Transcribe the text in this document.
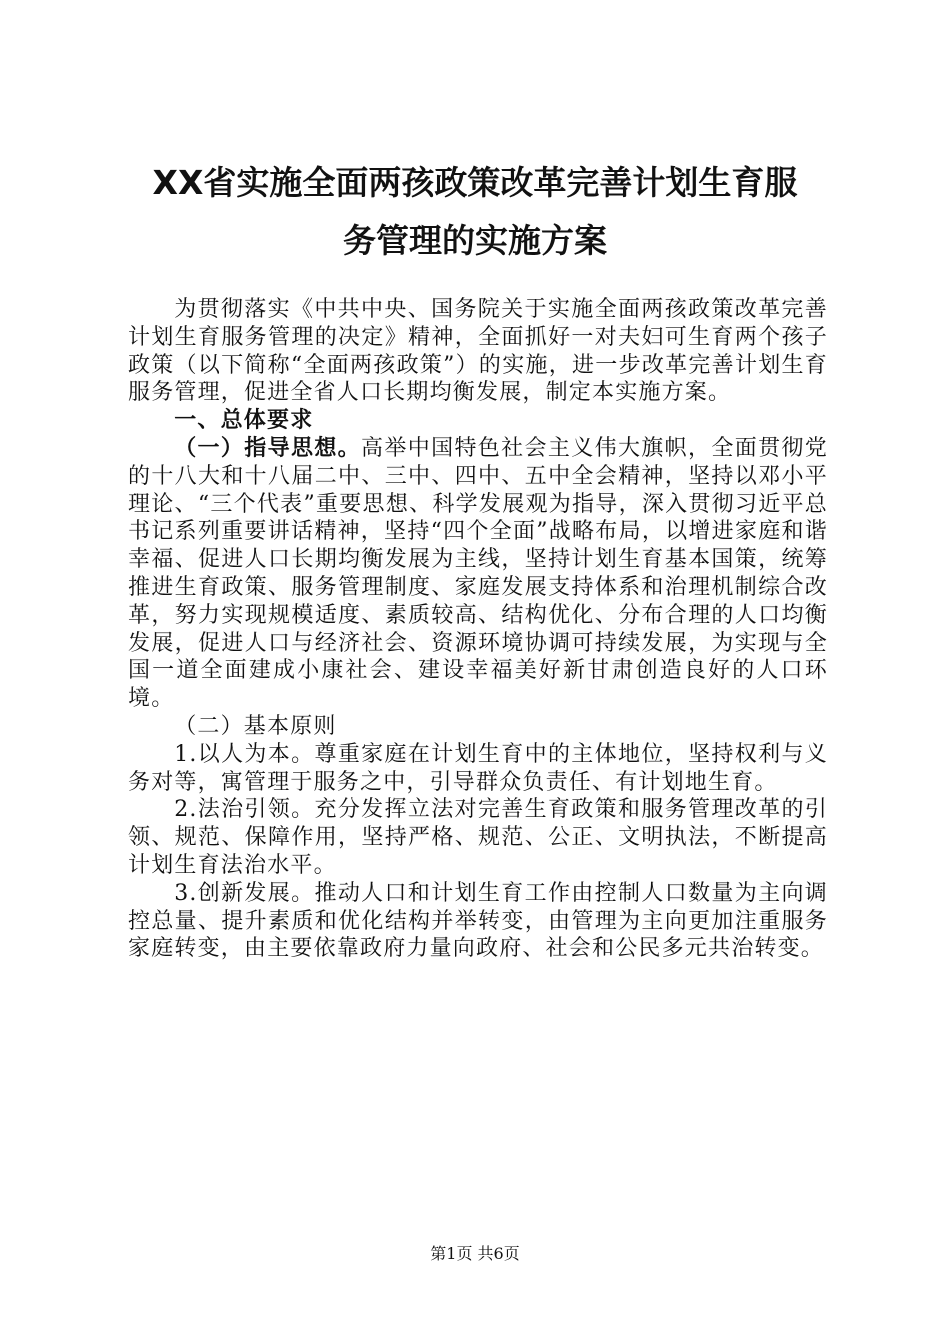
XX省实施全面两孩政策改革完善计划生育服
务管理的实施方案

为贯彻落实《中共中央、国务院关于实施全面两孩政策改革完善计划生育服务管理的决定》精神，全面抓好一对夫妇可生育两个孩子政策（以下简称“全面两孩政策”）的实施，进一步改革完善计划生育服务管理，促进全省人口长期均衡发展，制定本实施方案。

一、总体要求

（一）指导思想。高举中国特色社会主义伟大旗帜，全面贯彻党的十八大和十八届二中、三中、四中、五中全会精神，坚持以邓小平理论、“三个代表”重要思想、科学发展观为指导，深入贯彻习近平总书记系列重要讲话精神，坚持“四个全面”战略布局，以增进家庭和谐幸福、促进人口长期均衡发展为主线，坚持计划生育基本国策，统筹推进生育政策、服务管理制度、家庭发展支持体系和治理机制综合改革，努力实现规模适度、素质较高、结构优化、分布合理的人口均衡发展，促进人口与经济社会、资源环境协调可持续发展，为实现与全国一道全面建成小康社会、建设幸福美好新甘肃创造良好的人口环境。

（二）基本原则

1.以人为本。尊重家庭在计划生育中的主体地位，坚持权利与义务对等，寓管理于服务之中，引导群众负责任、有计划地生育。

2.法治引领。充分发挥立法对完善生育政策和服务管理改革的引领、规范、保障作用，坚持严格、规范、公正、文明执法，不断提高计划生育法治水平。

3.创新发展。推动人口和计划生育工作由控制人口数量为主向调控总量、提升素质和优化结构并举转变，由管理为主向更加注重服务家庭转变，由主要依靠政府力量向政府、社会和公民多元共治转变。

第1页 共6页
